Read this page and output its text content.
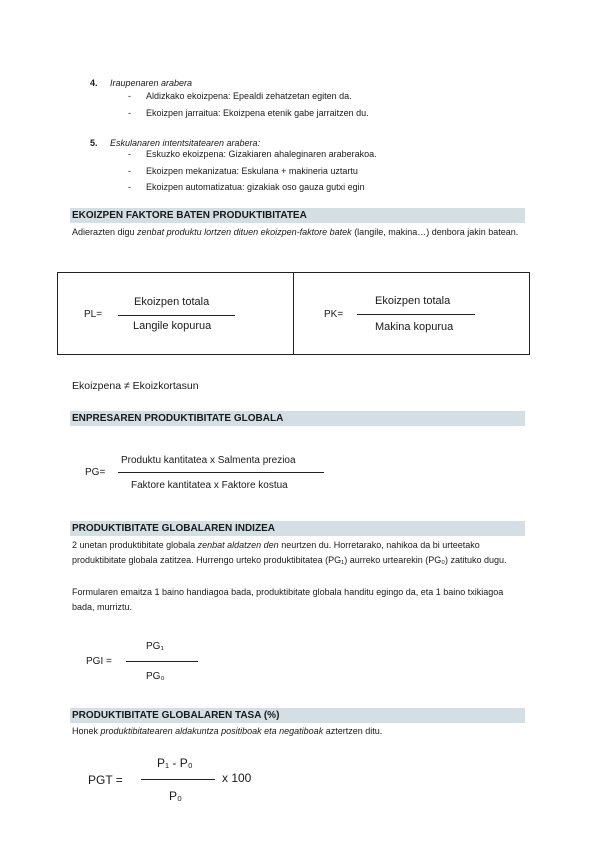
4. Iraupenaren arabera
- Aldizkako ekoizpena: Epealdi zehatzetan egiten da.
- Ekoizpen jarraitua: Ekoizpena etenik gabe jarraitzen du.
5. Eskulanaren intentsitatearen arabera:
- Eskuzko ekoizpena: Gizakiaren ahaleginaren araberakoa.
- Ekoizpen mekanizatua: Eskulana + makineria uztartu
- Ekoizpen automatizatua: gizakiak oso gauza gutxi egin
EKOIZPEN FAKTORE BATEN PRODUKTIBITATEA
Adierazten digu zenbat produktu lortzen dituen ekoizpen-faktore batek (langile, makina…) denbora jakin batean.
PL=
Ekoizpen totala
Langile kopurua
PK=
Ekoizpen totala
Makina kopurua
Ekoizpena ≠ Ekoizkortasun
ENPRESAREN PRODUKTIBITATE GLOBALA
PG=
Produktu kantitatea x Salmenta prezioa
Faktore kantitatea x Faktore kostua
PRODUKTIBITATE GLOBALAREN INDIZEA
2 unetan produktibitate globala zenbat aldatzen den neurtzen du. Horretarako, nahikoa da bi urteetako produktibitate globala zatitzea. Hurrengo urteko produktibitatea (PG₁) aurreko urtearekin (PG₀) zatituko dugu.
Formularen emaitza 1 baino handiagoa bada, produktibitate globala handitu egingo da, eta 1 baino txikiagoa bada, murriztu.
PGI =
PG₁
PG₀
PRODUKTIBITATE GLOBALAREN TASA (%)
Honek produktibitatearen aldakuntza positiboak eta negatiboak aztertzen ditu.
PGT =
P₁ - P₀
x 100
P₀
